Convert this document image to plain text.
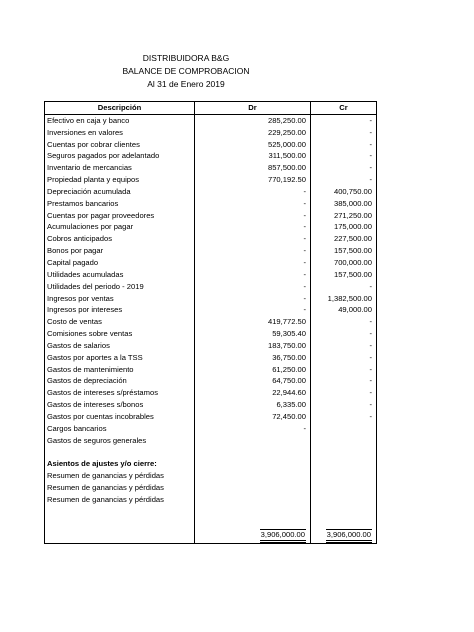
DISTRIBUIDORA B&G
BALANCE DE COMPROBACION
Al 31 de Enero 2019
Descripción	Dr	Cr
Efectivo en caja y banco	285,250.00	-
Inversiones en valores	229,250.00	-
Cuentas por cobrar clientes	525,000.00	-
Seguros pagados por adelantado	311,500.00	-
Inventario de mercancias	857,500.00	-
Propiedad planta y equipos	770,192.50	-
Depreciación acumulada	-	400,750.00
Prestamos bancarios	-	385,000.00
Cuentas por pagar proveedores	-	271,250.00
Acumulaciones por pagar	-	175,000.00
Cobros anticipados	-	227,500.00
Bonos por pagar	-	157,500.00
Capital pagado	-	700,000.00
Utilidades acumuladas	-	157,500.00
Utilidades del periodo - 2019	-	-
Ingresos por ventas	-	1,382,500.00
Ingresos por intereses	-	49,000.00
Costo de ventas	419,772.50	-
Comisiones sobre ventas	59,305.40	-
Gastos de salarios	183,750.00	-
Gastos por aportes a la TSS	36,750.00	-
Gastos de mantenimiento	61,250.00	-
Gastos de depreciación	64,750.00	-
Gastos de intereses s/préstamos	22,944.60	-
Gastos de intereses s/bonos	6,335.00	-
Gastos por cuentas incobrables	72,450.00	-
Cargos bancarios	-	
Gastos de seguros generales		

Asientos de ajustes y/o cierre:		
Resumen de ganancias y pérdidas		
Resumen de ganancias y pérdidas		
Resumen de ganancias y pérdidas		

	3,906,000.00	3,906,000.00
